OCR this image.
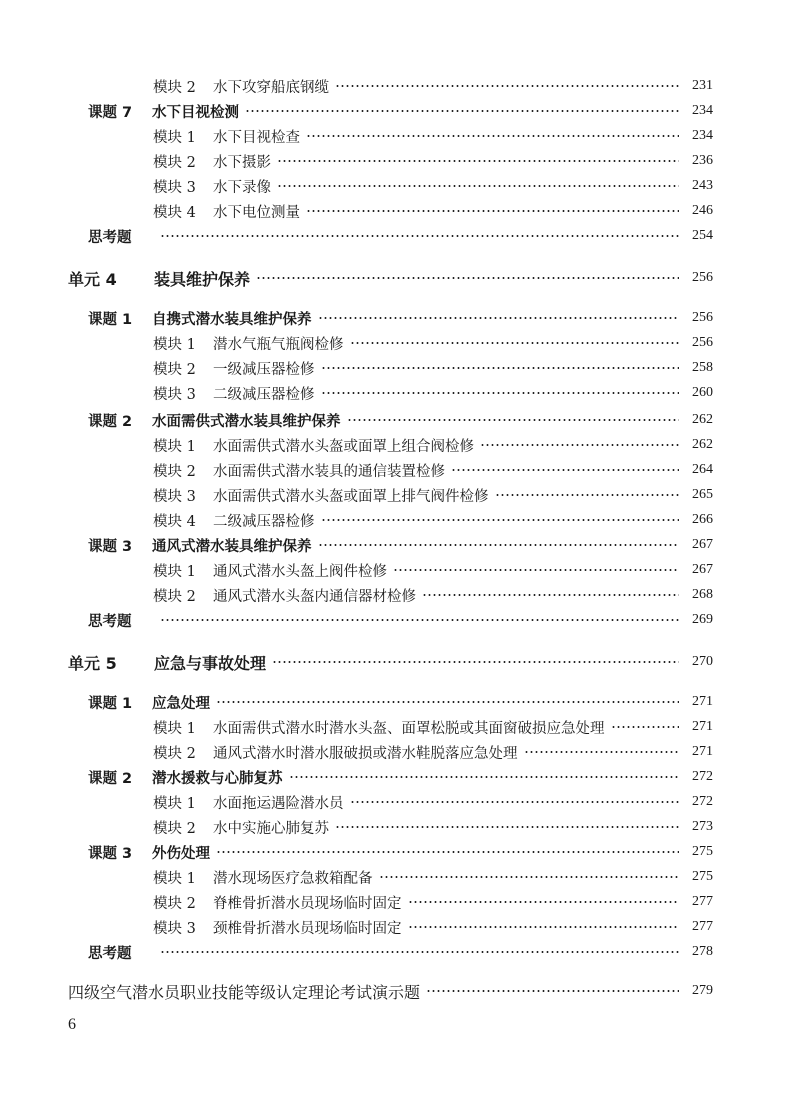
模块 2	水下攻穿船底钢缆	231
课题 7	水下目视检测	234
模块 1	水下目视检查	234
模块 2	水下摄影	236
模块 3	水下录像	243
模块 4	水下电位测量	246
思考题	254
单元 4	装具维护保养	256
课题 1	自携式潜水装具维护保养	256
模块 1	潜水气瓶气瓶阀检修	256
模块 2	一级减压器检修	258
模块 3	二级减压器检修	260
课题 2	水面需供式潜水装具维护保养	262
模块 1	水面需供式潜水头盔或面罩上组合阀检修	262
模块 2	水面需供式潜水装具的通信装置检修	264
模块 3	水面需供式潜水头盔或面罩上排气阀件检修	265
模块 4	二级减压器检修	266
课题 3	通风式潜水装具维护保养	267
模块 1	通风式潜水头盔上阀件检修	267
模块 2	通风式潜水头盔内通信器材检修	268
思考题	269
单元 5	应急与事故处理	270
课题 1	应急处理	271
模块 1	水面需供式潜水时潜水头盔、面罩松脱或其面窗破损应急处理	271
模块 2	通风式潜水时潜水服破损或潜水鞋脱落应急处理	271
课题 2	潜水援救与心肺复苏	272
模块 1	水面拖运遇险潜水员	272
模块 2	水中实施心肺复苏	273
课题 3	外伤处理	275
模块 1	潜水现场医疗急救箱配备	275
模块 2	脊椎骨折潜水员现场临时固定	277
模块 3	颈椎骨折潜水员现场临时固定	277
思考题	278
四级空气潜水员职业技能等级认定理论考试演示题	279
6
